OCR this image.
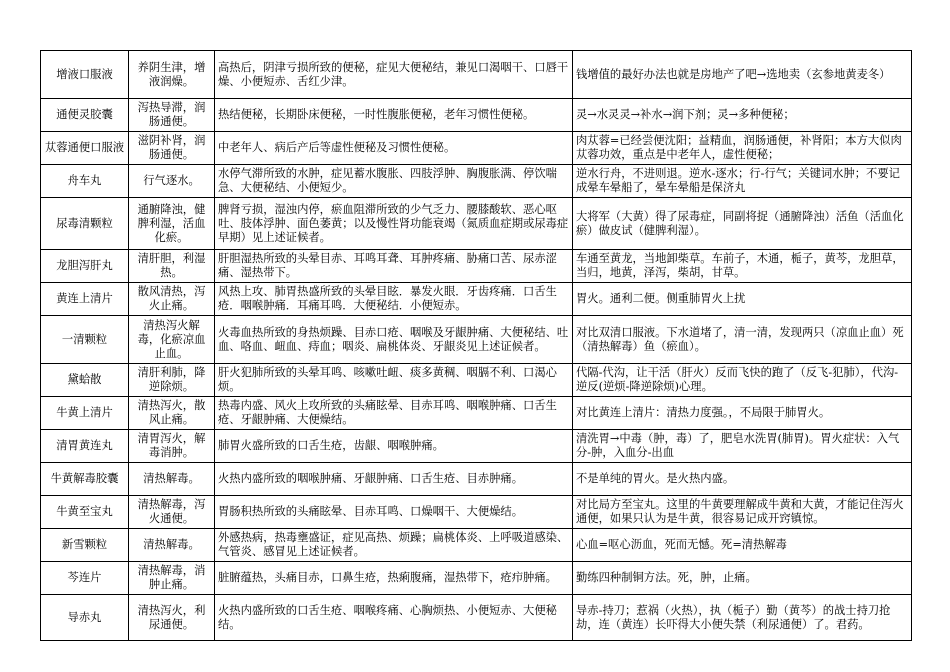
增液口服液	养阴生津，增液润燥。	高热后，阴津亏损所致的便秘，症见大便秘结，兼见口渴咽干、口唇干燥、小便短赤、舌红少津。	钱增值的最好办法也就是房地产了吧→选地卖（玄参地黄麦冬）
通便灵胶囊	泻热导滞，润肠通便。	热结便秘，长期卧床便秘，一时性腹胀便秘，老年习惯性便秘。	灵→水灵灵→补水→润下剂；灵→多种便秘；
苁蓉通便口服液	滋阴补肾，润肠通便。	中老年人、病后产后等虚性便秘及习惯性便秘。	肉苁蓉=已经尝便沈阳；益精血，润肠通便，补肾阳；本方大似肉苁蓉功效，重点是中老年人，虚性便秘；
舟车丸	行气逐水。	水停气滞所致的水肿，症见蓄水腹胀、四肢浮肿、胸腹胀满、停饮喘急、大便秘结、小便短少。	逆水行舟，不进则退。逆水-逐水；行-行气；关键词水肿；不要记成晕车晕船了，晕车晕船是保济丸
尿毒清颗粒	通腑降浊，健脾利湿，活血化瘀。	脾肾亏损，湿浊内停，瘀血阻滞所致的少气乏力、腰膝酸软、恶心呕吐、肢体浮肿、面色萎黄；以及慢性肾功能衰竭（氮质血症期或尿毒症早期）见上述证候者。	大将军（大黄）得了尿毒症，同副将捉（通腑降浊）活鱼（活血化瘀）做皮试（健脾利湿）。
龙胆泻肝丸	清肝胆，利湿热。	肝胆湿热所致的头晕目赤、耳鸣耳聋、耳肿疼痛、胁痛口苦、尿赤涩痛、湿热带下。	车通至黄龙，当地卸柴草。车前子，木通，栀子，黄芩，龙胆草，当归，地黄，泽泻，柴胡，甘草。
黄连上清片	散风清热，泻火止痛。	风热上攻、肺胃热盛所致的头晕目眩．暴发火眼．牙齿疼痛．口舌生疮．咽喉肿痛．耳痛耳鸣．大便秘结．小便短赤。	胃火。通利二便。侧重肺胃火上扰
一清颗粒	清热泻火解毒，化瘀凉血止血。	火毒血热所致的身热烦躁、目赤口疮、咽喉及牙龈肿痛、大便秘结、吐血、咯血、衄血、痔血；咽炎、扁桃体炎、牙龈炎见上述证候者。	对比双清口服液。下水道堵了，清一清，发现两只（凉血止血）死（清热解毒）鱼（瘀血）。
黛蛤散	清肝利肺，降逆除烦。	肝火犯肺所致的头晕耳鸣、咳嗽吐衄、痰多黄稠、咽膈不利、口渴心烦。	代隔-代沟，让干活（肝火）反而飞快的跑了（反飞-犯肺），代沟-逆反(逆烦-降逆除烦)心理。
牛黄上清片	清热泻火，散风止痛。	热毒内盛、风火上攻所致的头痛眩晕、目赤耳鸣、咽喉肿痛、口舌生疮、牙龈肿痛、大便燥结。	对比黄连上清片：清热力度强。，不局限于肺胃火。
清胃黄连丸	清胃泻火，解毒消肿。	肺胃火盛所致的口舌生疮，齿龈、咽喉肿痛。	清洗胃→中毒（肿，毒）了，肥皂水洗胃(肺胃)。胃火症状：入气分-肿，入血分-出血
牛黄解毒胶囊	清热解毒。	火热内盛所致的咽喉肿痛、牙龈肿痛、口舌生疮、目赤肿痛。	不是单纯的胃火。是火热内盛。
牛黄至宝丸	清热解毒，泻火通便。	胃肠积热所致的头痛眩晕、目赤耳鸣、口燥咽干、大便燥结。	对比局方至宝丸。这里的牛黄要理解成牛黄和大黄，才能记住泻火通便，如果只认为是牛黄，很容易记成开窍镇惊。
新雪颗粒	清热解毒。	外感热病，热毒壅盛证，症见高热、烦躁；扁桃体炎、上呼吸道感染、气管炎、感冒见上述证候者。	心血=呕心沥血，死而无憾。死=清热解毒
芩连片	清热解毒，消肿止痛。	脏腑蕴热，头痛目赤，口鼻生疮，热痢腹痛，湿热带下，疮疖肿痛。	勤练四种制铜方法。死，肿，止痛。
导赤丸	清热泻火，利尿通便。	火热内盛所致的口舌生疮、咽喉疼痛、心胸烦热、小便短赤、大便秘结。	导赤-持刀；惹祸（火热），执（栀子）勤（黄芩）的战士持刀抢劫，连（黄连）长吓得大小便失禁（利尿通便）了。君药。
